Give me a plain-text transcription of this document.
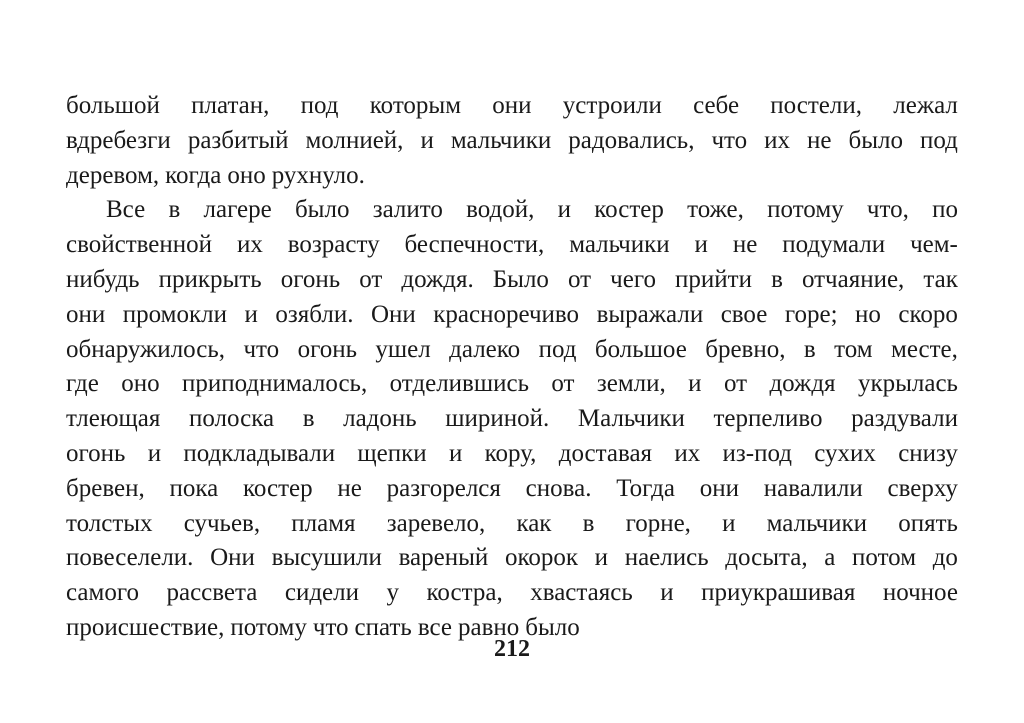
большой платан, под которым они устроили себе постели, лежал
вдребезги разбитый молнией, и мальчики радовались, что их не было под
деревом, когда оно рухнуло.
Все в лагере было залито водой, и костер тоже, потому что, по
свойственной их возрасту беспечности, мальчики и не подумали чем-
нибудь прикрыть огонь от дождя. Было от чего прийти в отчаяние, так
они промокли и озябли. Они красноречиво выражали свое горе; но скоро
обнаружилось, что огонь ушел далеко под большое бревно, в том месте,
где оно приподнималось, отделившись от земли, и от дождя укрылась
тлеющая полоска в ладонь шириной. Мальчики терпеливо раздували
огонь и подкладывали щепки и кору, доставая их из-под сухих снизу
бревен, пока костер не разгорелся снова. Тогда они навалили сверху
толстых сучьев, пламя заревело, как в горне, и мальчики опять
повеселели. Они высушили вареный окорок и наелись досыта, а потом до
самого рассвета сидели у костра, хвастаясь и приукрашивая ночное
происшествие, потому что спать все равно было
212
